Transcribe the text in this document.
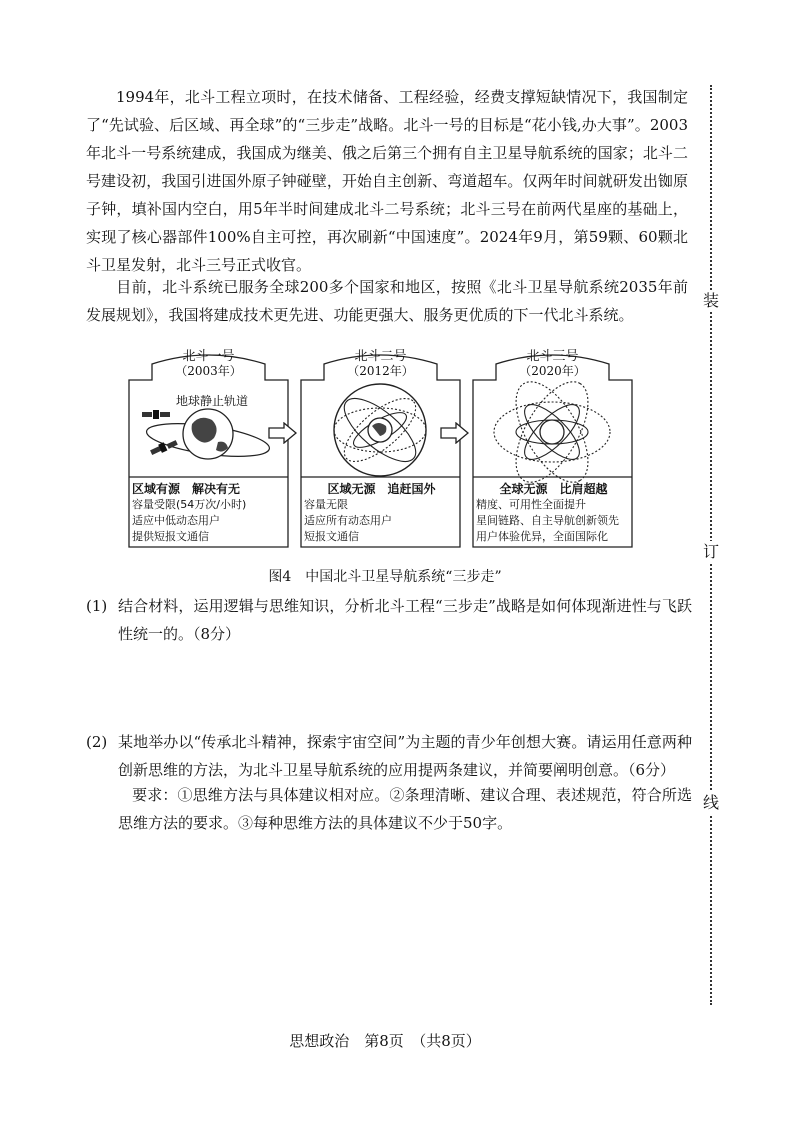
1994年，北斗工程立项时，在技术储备、工程经验，经费支撑短缺情况下，我国制定了“先试验、后区域、再全球”的“三步走”战略。北斗一号的目标是“花小钱,办大事”。2003年北斗一号系统建成，我国成为继美、俄之后第三个拥有自主卫星导航系统的国家；北斗二号建设初，我国引进国外原子钟碰壁，开始自主创新、弯道超车。仅两年时间就研发出铷原子钟，填补国内空白，用5年半时间建成北斗二号系统；北斗三号在前两代星座的基础上，实现了核心器部件100%自主可控，再次刷新“中国速度”。2024年9月，第59颗、60颗北斗卫星发射，北斗三号正式收官。

目前，北斗系统已服务全球200多个国家和地区，按照《北斗卫星导航系统2035年前发展规划》，我国将建成技术更先进、功能更强大、服务更优质的下一代北斗系统。

北斗一号
（2003年）
地球静止轨道
区域有源　解决有无
容量受限(54万次/小时)
适应中低动态用户
提供短报文通信
北斗二号
（2012年）
区域无源　追赶国外
容量无限
适应所有动态用户
短报文通信
北斗三号
（2020年）
全球无源　比肩超越
精度、可用性全面提升
星间链路、自主导航创新领先
用户体验优异，全面国际化
图4　中国北斗卫星导航系统“三步走”
(1) 结合材料，运用逻辑与思维知识，分析北斗工程“三步走”战略是如何体现渐进性与飞跃性统一的。（8分）
(2) 某地举办以“传承北斗精神，探索宇宙空间”为主题的青少年创想大赛。请运用任意两种创新思维的方法，为北斗卫星导航系统的应用提两条建议，并简要阐明创意。（6分）

要求：①思维方法与具体建议相对应。②条理清晰、建议合理、表述规范，符合所选思维方法的要求。③每种思维方法的具体建议不少于50字。

装
订
线
思想政治　第8页　（共8页）
